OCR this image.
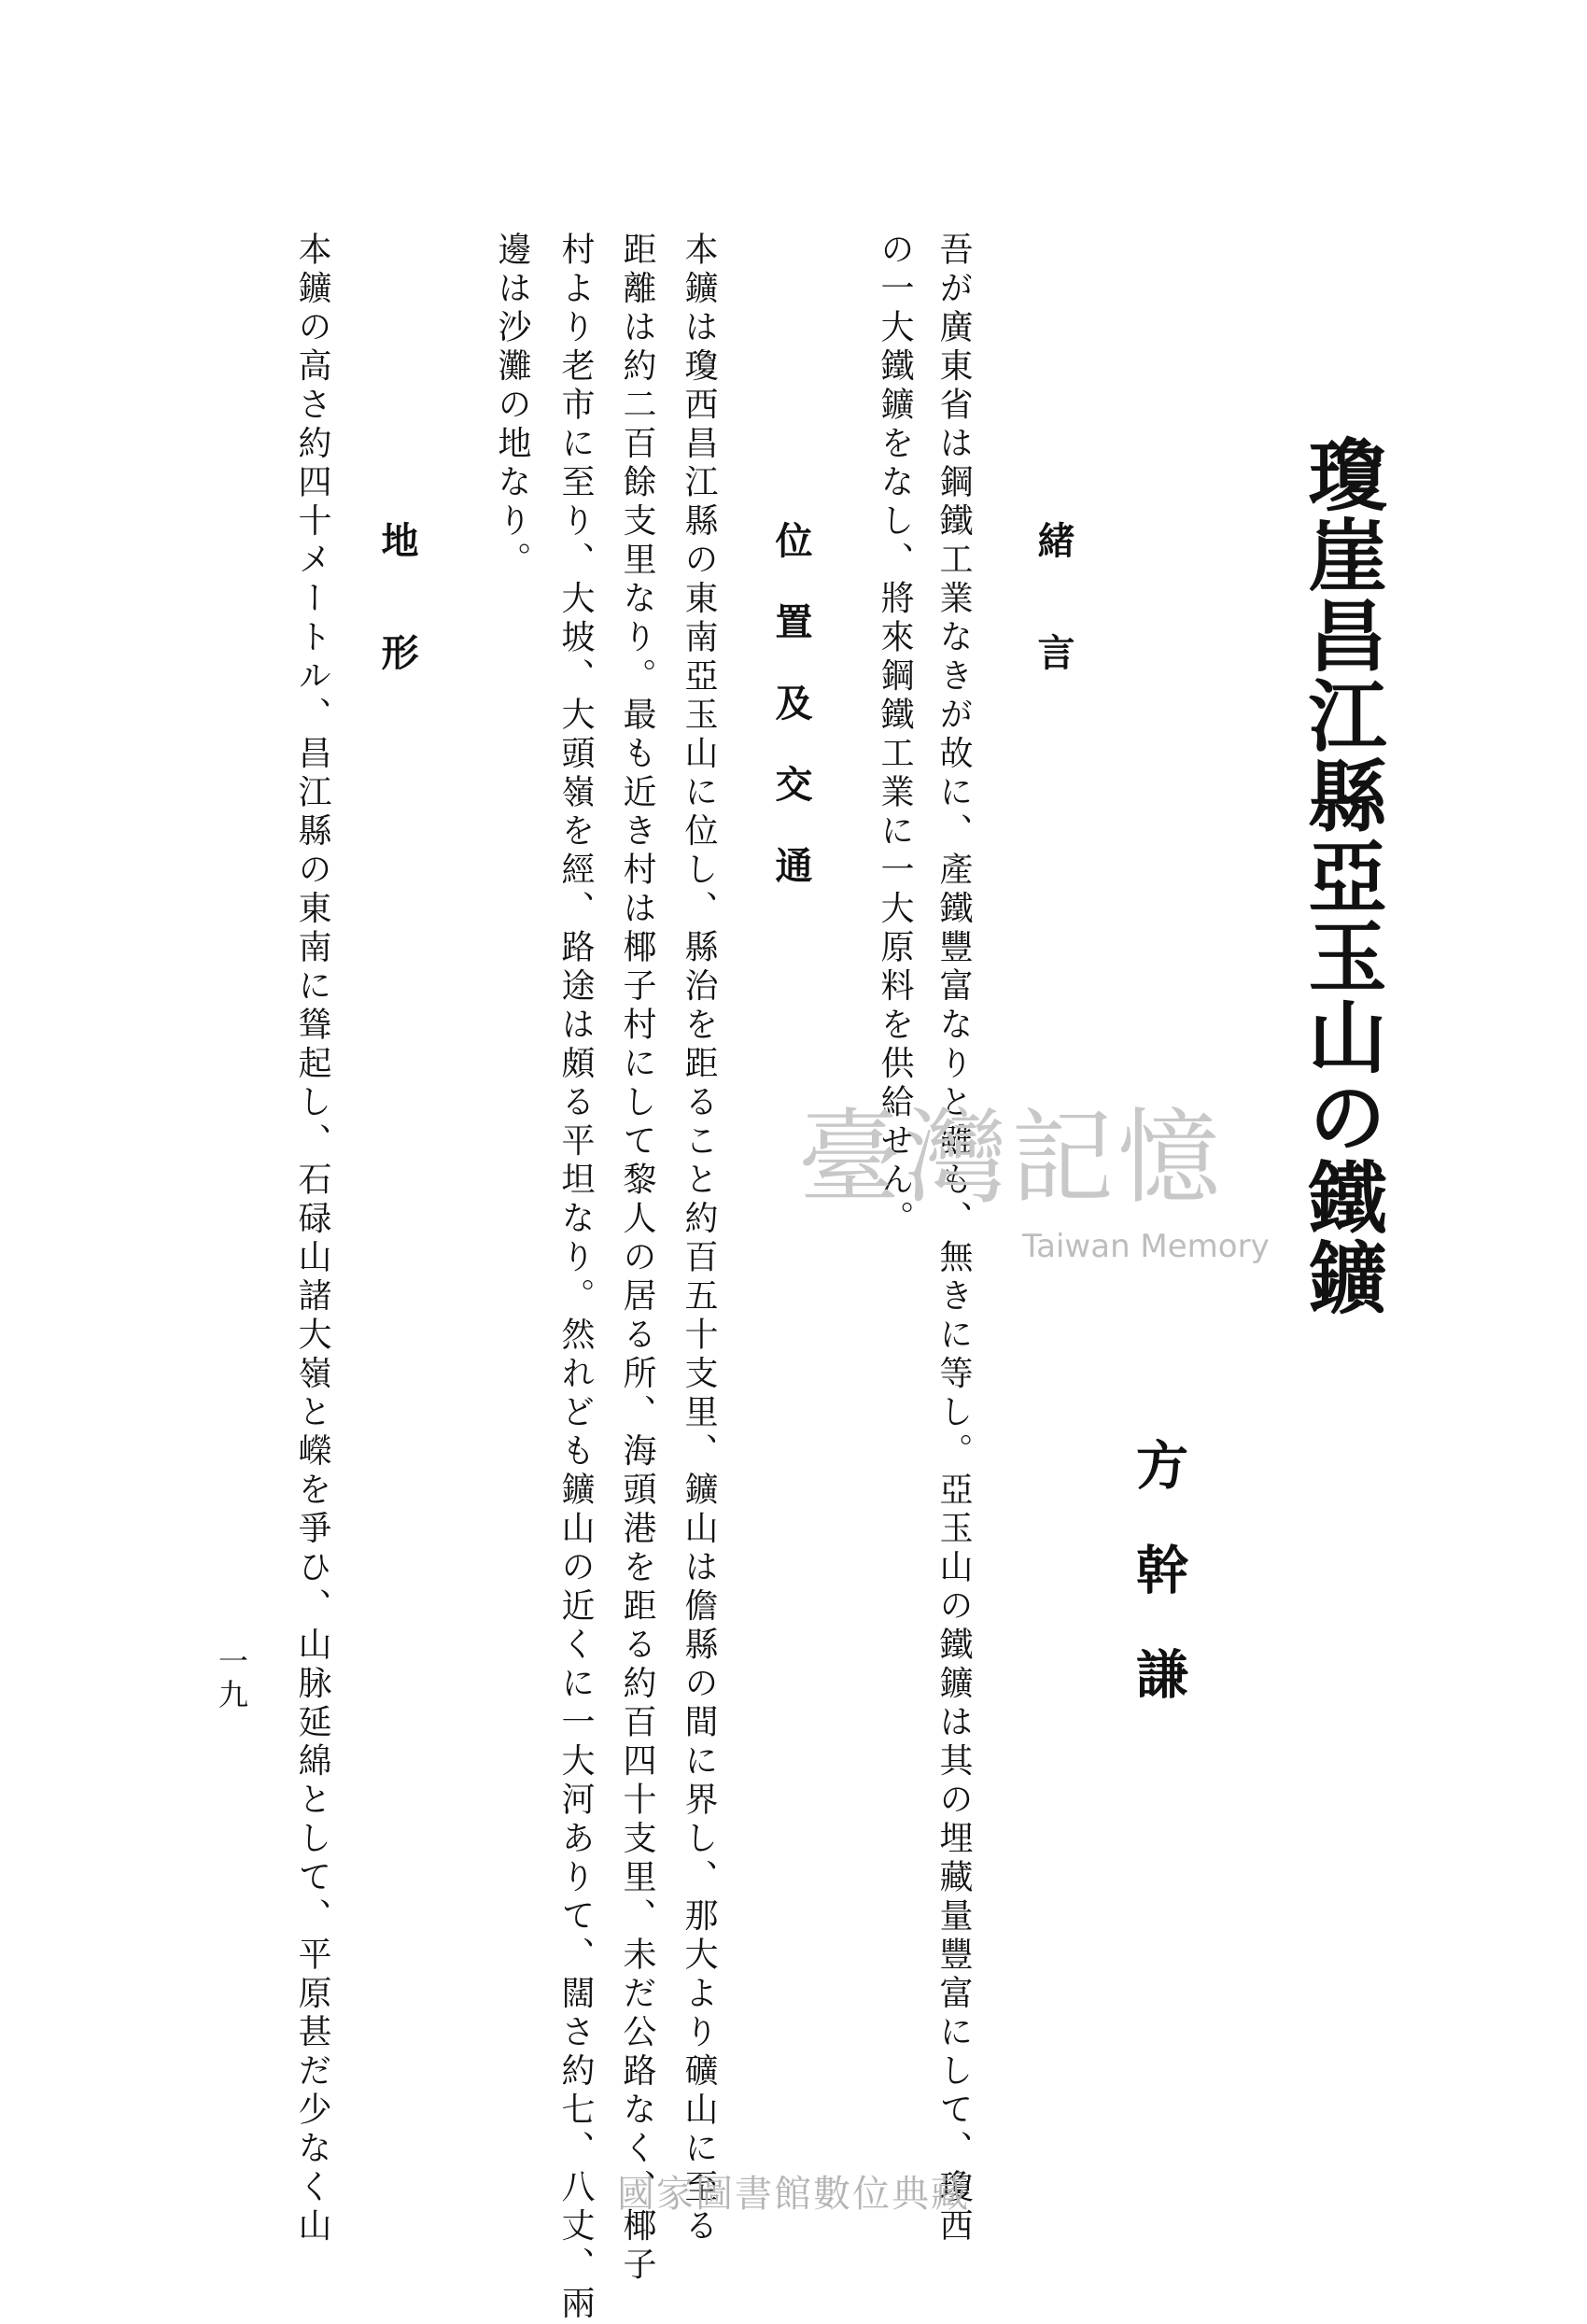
瓊崖昌江縣亞玉山の鐵鑛
方　幹　謙
緒　　言
吾が廣東省は鋼鐵工業なきが故に、產鐵豐富なりと雖も、無きに等し。亞玉山の鐵鑛は其の埋藏量豐富にして、瓊西
の一大鐵鑛をなし、將來鋼鐵工業に一大原料を供給せん。
位 置 及 交 通
本鑛は瓊西昌江縣の東南亞玉山に位し、縣治を距ること約百五十支里、鑛山は儋縣の間に界し、那大より礦山に至る
距離は約二百餘支里なり。最も近き村は椰子村にして黎人の居る所、海頭港を距る約百四十支里、未だ公路なく、椰子
村より老市に至り、大坡、大頭嶺を經、路途は頗る平坦なり。然れども鑛山の近くに一大河ありて、闊さ約七、八丈、兩
邊は沙灘の地なり。
地　　形
本鑛の高さ約四十メートル、昌江縣の東南に聳起し、石碌山諸大嶺と嶸を爭ひ、山脉延綿として、平原甚だ少なく山
一九
臺灣記憶
Taiwan Memory
國家圖書館數位典藏
